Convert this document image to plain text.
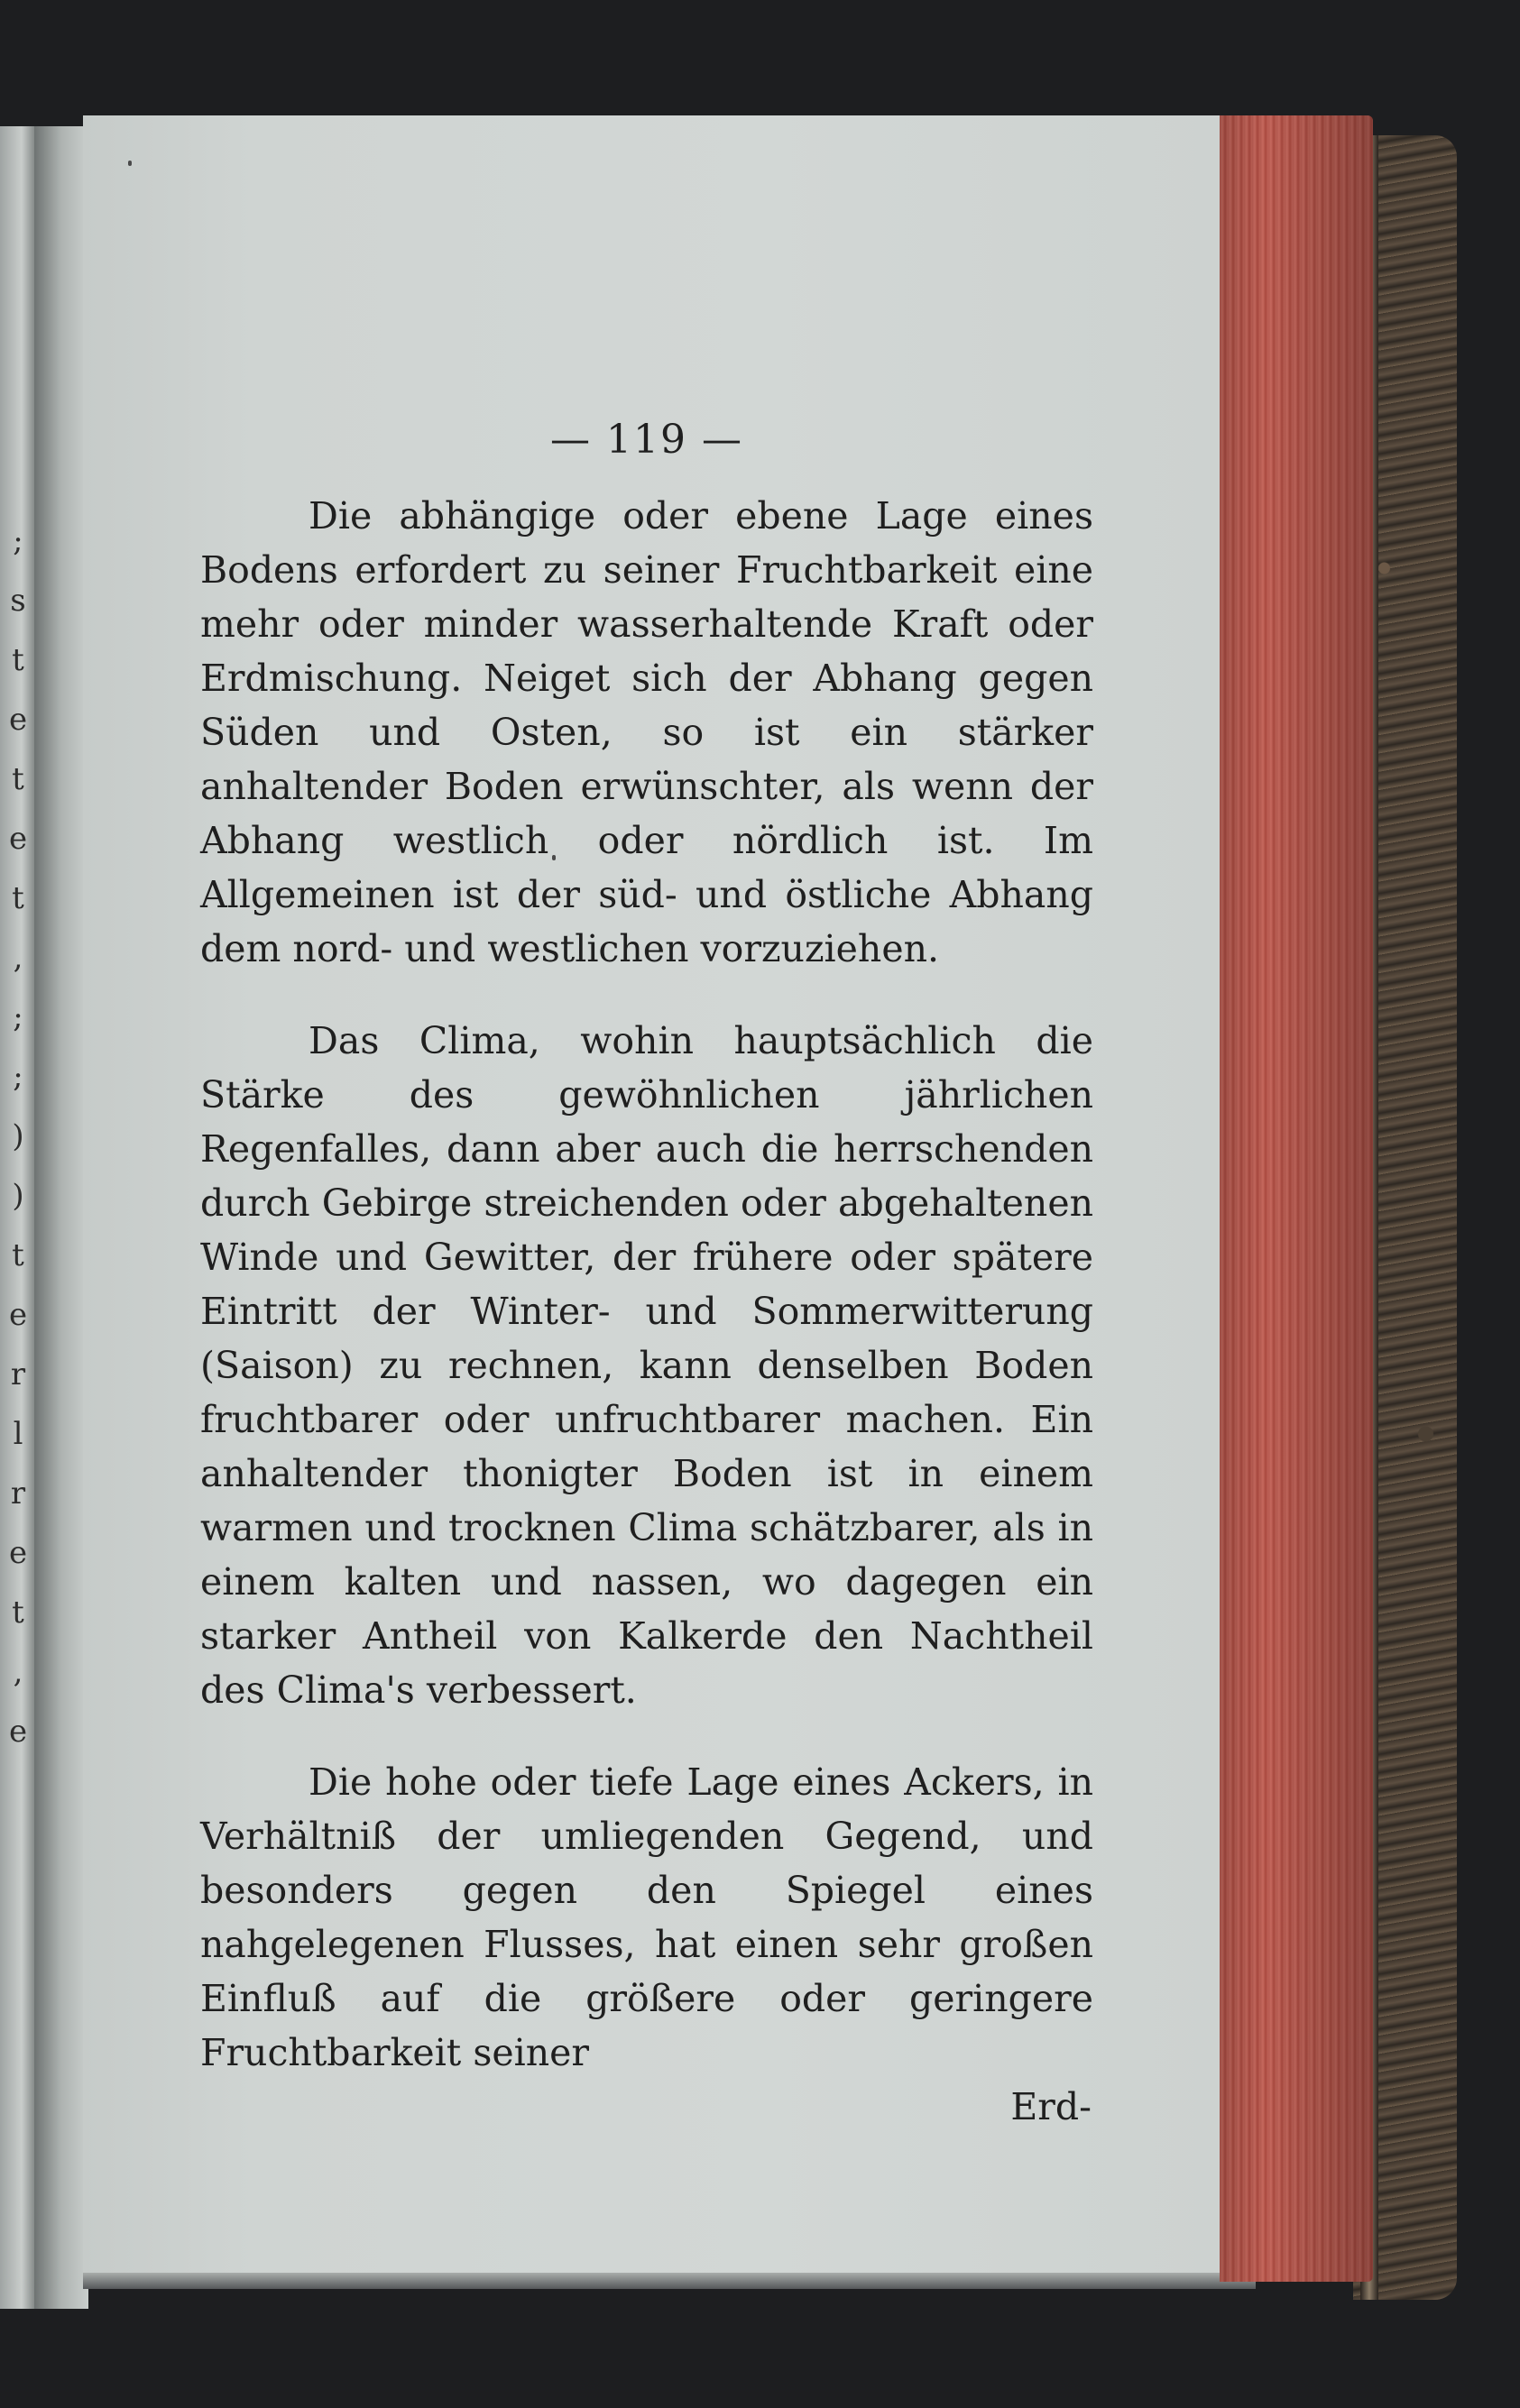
;
s
t
e
t
e
t
,
;
;
)
)
t
e
r
l
r
e
t
,
e
— 119 —

Die abhängige oder ebene Lage eines Bodens erfordert zu seiner Fruchtbarkeit eine mehr oder minder wasserhaltende Kraft oder Erdmischung. Neiget sich der Abhang gegen Süden und Osten, so ist ein stärker anhaltender Boden erwünschter, als wenn der Abhang westlich oder nördlich ist. Im Allgemeinen ist der süd- und östliche Abhang dem nord- und westlichen vorzuziehen.

Das Clima, wohin hauptsächlich die Stärke des gewöhnlichen jährlichen Regenfalles, dann aber auch die herrschenden durch Gebirge streichenden oder abgehaltenen Winde und Gewitter, der frühere oder spätere Eintritt der Winter- und Sommerwitterung (Saison) zu rechnen, kann denselben Boden fruchtbarer oder unfruchtbarer machen. Ein anhaltender thonigter Boden ist in einem warmen und trocknen Clima schätzbarer, als in einem kalten und nassen, wo dagegen ein starker Antheil von Kalkerde den Nachtheil des Clima's verbessert.

Die hohe oder tiefe Lage eines Ackers, in Verhältniß der umliegenden Gegend, und besonders gegen den Spiegel eines nahgelegenen Flusses, hat einen sehr großen Einfluß auf die größere oder geringere Fruchtbarkeit seiner

Erd-
